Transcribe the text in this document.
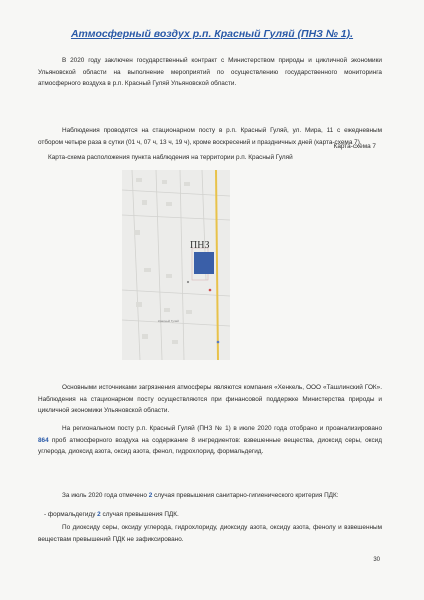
Атмосферный воздух р.п. Красный Гуляй (ПНЗ № 1).
В 2020 году заключен государственный контракт с Министерством природы и цикличной экономики Ульяновской области на выполнение мероприятий по осуществлению государственного мониторинга атмосферного воздуха в р.п. Красный Гуляй Ульяновской области.
Наблюдения проводятся на стационарном посту в р.п. Красный Гуляй, ул. Мира, 11 с ежедневным отбором четыре раза в сутки (01 ч, 07 ч, 13 ч, 19 ч), кроме воскресений и праздничных дней (карта-схема 7).
Карта-схема 7
Карта-схема расположения пункта наблюдения на территории р.п. Красный Гуляй
ПНЗ
Красный Гуляй
Основными источниками загрязнения атмосферы являются компания «Хенкель, ООО «Ташлинский ГОК». Наблюдения на стационарном посту осуществляются при финансовой поддержке Министерства природы и цикличной экономики Ульяновской области.
На региональном посту р.п. Красный Гуляй (ПНЗ № 1) в июле 2020 года отобрано и проанализировано 864 проб атмосферного воздуха на содержание 8 ингредиентов: взвешенные вещества, диоксид серы, оксид углерода, диоксид азота, оксид азота, фенол, гидрохлорид, формальдегид.
За июль 2020 года отмечено 2 случая превышения санитарно-гигиенического критерия ПДК:
- формальдегиду 2 случая превышения ПДК.
По диоксиду серы, оксиду углерода, гидрохлориду, диоксиду азота, оксиду азота, фенолу и взвешенным веществам превышений ПДК не зафиксировано.
30
